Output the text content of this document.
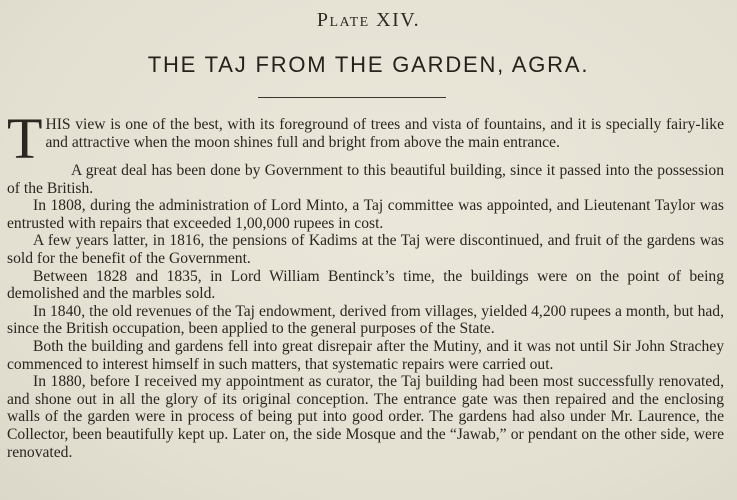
Plate XIV.
THE TAJ FROM THE GARDEN, AGRA.
T HIS view is one of the best, with its foreground of trees and vista of fountains, and it is specially fairy-like and attractive when the moon shines full and bright from above the main entrance.

A great deal has been done by Government to this beautiful building, since it passed into the possession of the British.

In 1808, during the administration of Lord Minto, a Taj committee was appointed, and Lieutenant Taylor was entrusted with repairs that exceeded 1,00,000 rupees in cost.

A few years latter, in 1816, the pensions of Kadims at the Taj were discontinued, and fruit of the gardens was sold for the benefit of the Government.

Between 1828 and 1835, in Lord William Bentinck’s time, the buildings were on the point of being demolished and the marbles sold.

In 1840, the old revenues of the Taj endowment, derived from villages, yielded 4,200 rupees a month, but had, since the British occupation, been applied to the general purposes of the State.

Both the building and gardens fell into great disrepair after the Mutiny, and it was not until Sir John Strachey commenced to interest himself in such matters, that systematic repairs were carried out.

In 1880, before I received my appointment as curator, the Taj building had been most successfully renovated, and shone out in all the glory of its original conception. The entrance gate was then repaired and the enclosing walls of the garden were in process of being put into good order. The gardens had also under Mr. Laurence, the Collector, been beautifully kept up. Later on, the side Mosque and the “Jawab,” or pendant on the other side, were renovated.
